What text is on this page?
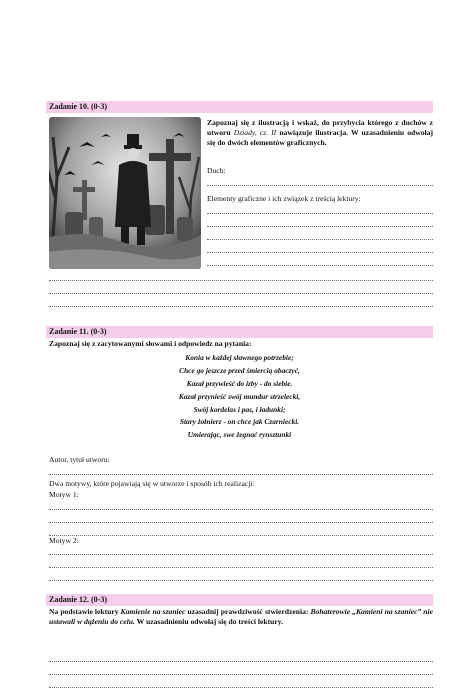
Zadanie 10. (0-3)
Zapoznaj się z ilustracją i wskaż, do przybycia którego z duchów z utworu Dziady, cz. II nawiązuje ilustracja. W uzasadnieniu odwołaj się do dwóch elementów graficznych.
Duch:
Elementy graficzne i ich związek z treścią lektury:
Zadanie 11. (0-3)
Zapoznaj się z zacytowanymi słowami i odpowiedz na pytania:
Konia w każdej sławnego potrzebie;
Chce go jeszcze przed śmiercią obaczyć,
Kazał przywieść do izby - do siebie.
Kazał przynieść swój mundur strzelecki,
Swój kordelas i pas, i ładunki;
Stary żołnierz - on chce jak Czarniecki.
Umierając, swe żegnać rynsztunki
Autor, tytuł utworu:
Dwa motywy, które pojawiają się w utworze i sposób ich realizacji:
Motyw 1:
Motyw 2:
Zadanie 12. (0-3)
Na podstawie lektury Kamienie na szaniec uzasadnij prawdziwość stwierdzenia: Bohaterowie „Kamieni na szaniec” nie ustawali w dążeniu do celu. W uzasadnieniu odwołaj się do treści lektury.
